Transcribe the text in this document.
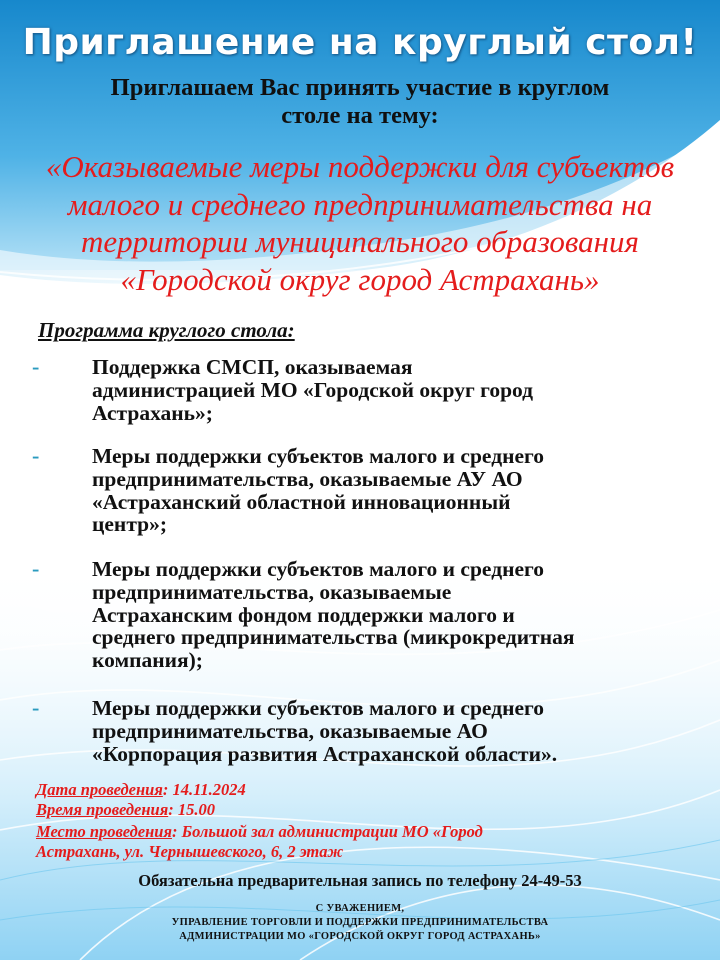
Приглашение на круглый стол!
Приглашаем Вас принять участие в круглом
столе на тему:
«Оказываемые меры поддержки для субъектов
малого и среднего предпринимательства на
территории муниципального образования
«Городской округ город Астрахань»
Программа круглого стола:
- Поддержка СМСП, оказываемая
администрацией МО «Городской округ город
Астрахань»;
- Меры поддержки субъектов малого и среднего
предпринимательства, оказываемые АУ АО
«Астраханский областной инновационный
центр»;
- Меры поддержки субъектов малого и среднего
предпринимательства, оказываемые
Астраханским фондом поддержки малого и
среднего предпринимательства (микрокредитная
компания);
- Меры поддержки субъектов малого и среднего
предпринимательства, оказываемые АО
«Корпорация развития Астраханской области».
Дата проведения: 14.11.2024
Время проведения: 15.00
Место проведения: Большой зал администрации МО «Город
Астрахань, ул. Чернышевского, 6, 2 этаж
Обязательна предварительная запись по телефону 24-49-53
С УВАЖЕНИЕМ,
УПРАВЛЕНИЕ ТОРГОВЛИ И ПОДДЕРЖКИ ПРЕДПРИНИМАТЕЛЬСТВА
АДМИНИСТРАЦИИ МО «ГОРОДСКОЙ ОКРУГ ГОРОД АСТРАХАНЬ»
